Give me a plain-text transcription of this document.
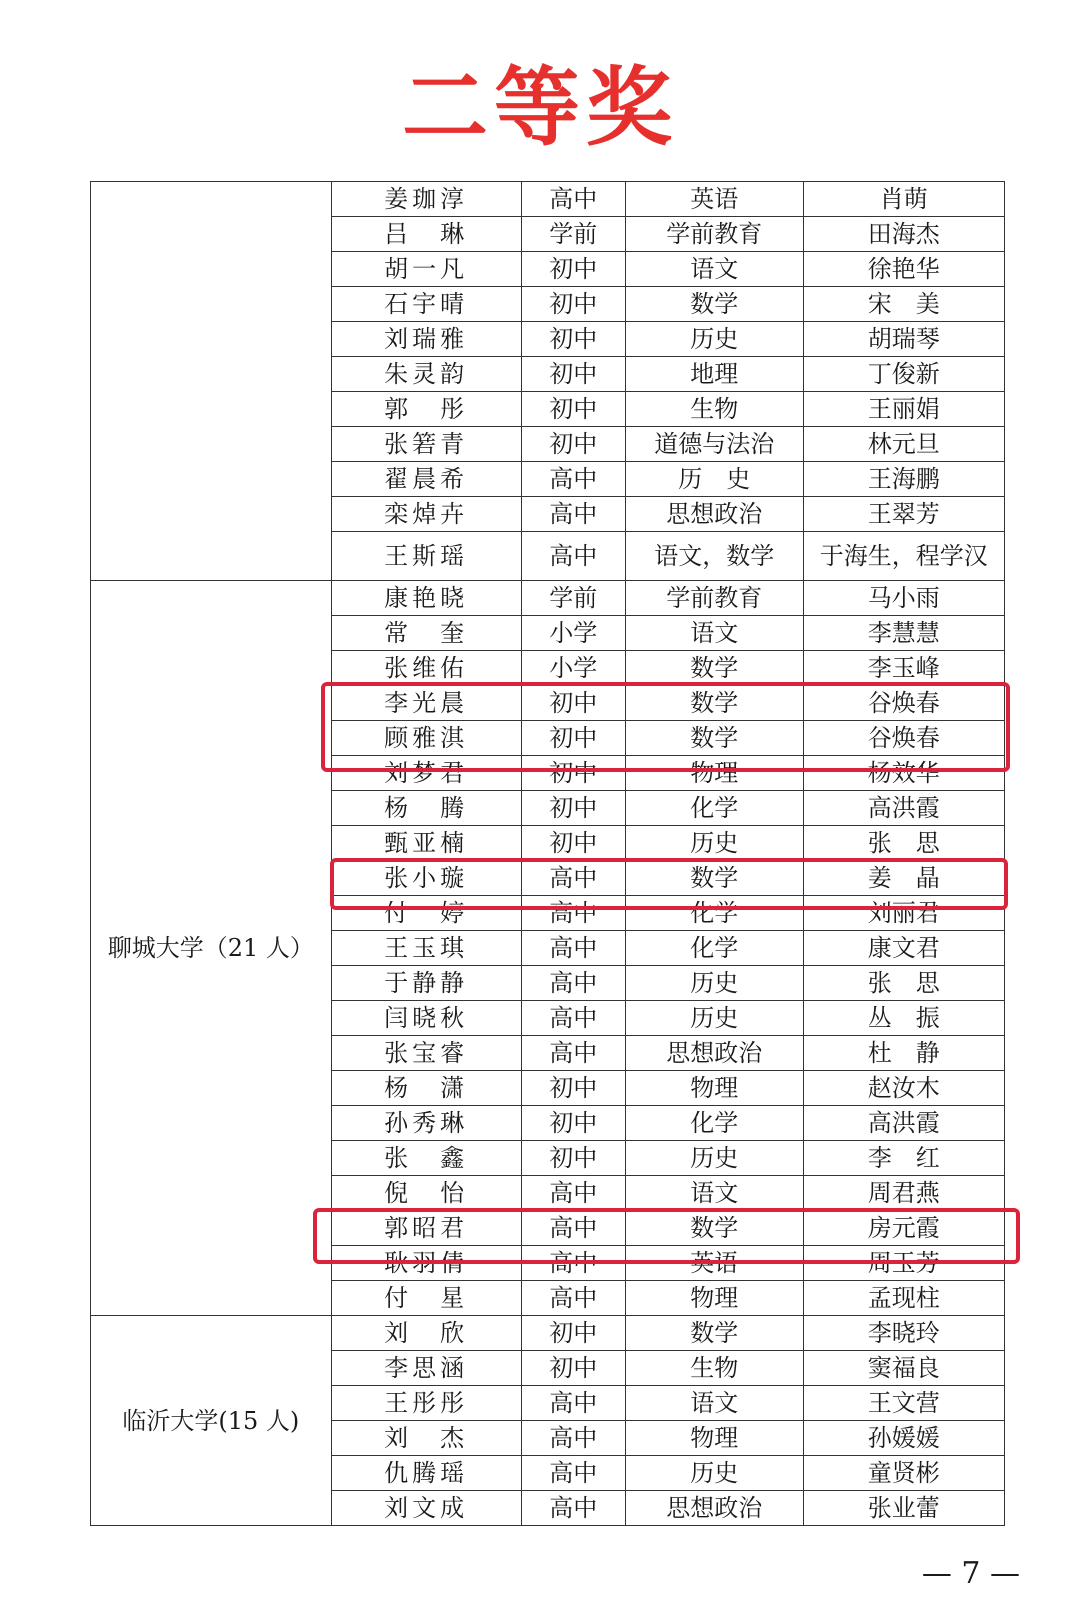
二等奖
	姜珈淳	高中	英语	肖萌
	吕　琳	学前	学前教育	田海杰
	胡一凡	初中	语文	徐艳华
	石宇晴	初中	数学	宋　美
	刘瑞雅	初中	历史	胡瑞琴
	朱灵韵	初中	地理	丁俊新
	郭　彤	初中	生物	王丽娟
	张箬青	初中	道德与法治	林元旦
	翟晨希	高中	历　史	王海鹏
	栾焯卉	高中	思想政治	王翠芳
	王斯瑶	高中	语文，数学	于海生，程学汉
聊城大学（21 人）	康艳晓	学前	学前教育	马小雨
	常　奎	小学	语文	李慧慧
	张维佑	小学	数学	李玉峰
	李光晨	初中	数学	谷焕春
	顾雅淇	初中	数学	谷焕春
	刘梦君	初中	物理	杨效华
	杨　腾	初中	化学	高洪霞
	甄亚楠	初中	历史	张　思
	张小璇	高中	数学	姜　晶
	付　婷	高中	化学	刘丽君
	王玉琪	高中	化学	康文君
	于静静	高中	历史	张　思
	闫晓秋	高中	历史	丛　振
	张宝睿	高中	思想政治	杜　静
	杨　潇	初中	物理	赵汝木
	孙秀琳	初中	化学	高洪霞
	张　鑫	初中	历史	李　红
	倪　怡	高中	语文	周君燕
	郭昭君	高中	数学	房元霞
	耿羽倩	高中	英语	周玉芳
	付　星	高中	物理	孟现柱
临沂大学(15 人)	刘　欣	初中	数学	李晓玲
	李思涵	初中	生物	窦福良
	王彤彤	高中	语文	王文营
	刘　杰	高中	物理	孙媛媛
	仇腾瑶	高中	历史	童贤彬
	刘文成	高中	思想政治	张业蕾
— 7 —
